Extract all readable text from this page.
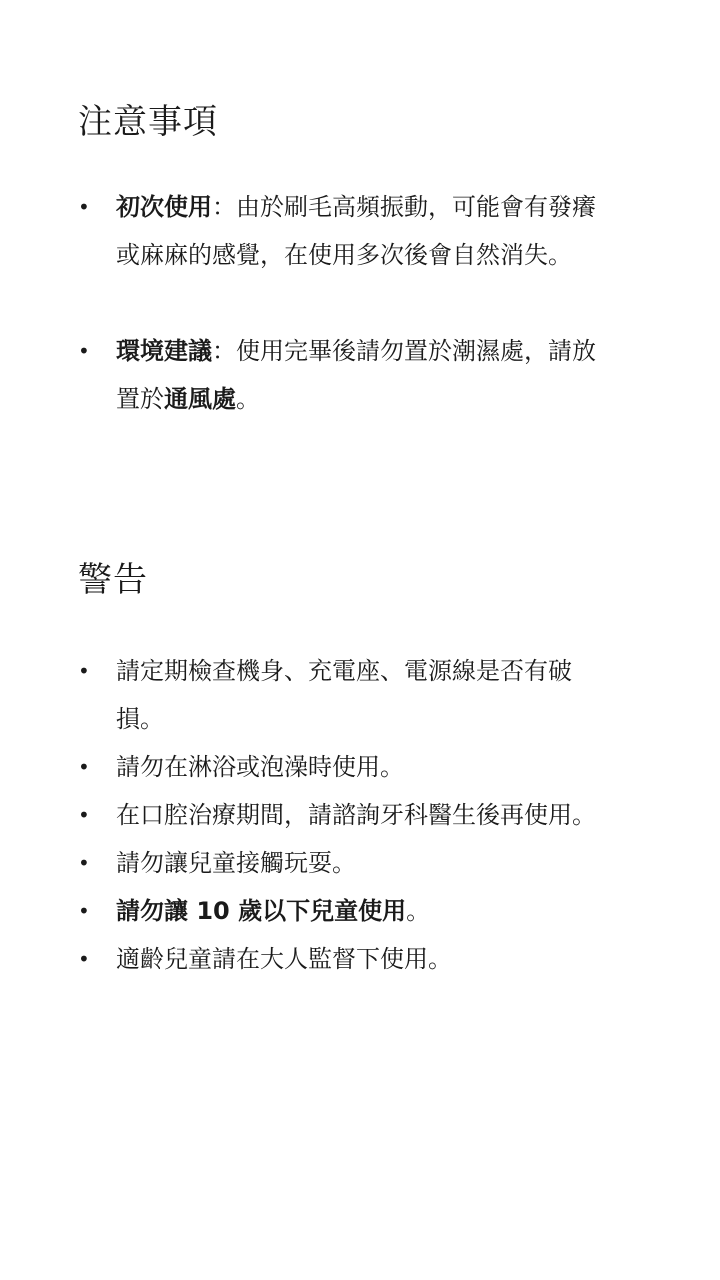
注意事項
• 初次使用：由於刷毛高頻振動，可能會有發癢或麻麻的感覺，在使用多次後會自然消失。
• 環境建議：使用完畢後請勿置於潮濕處，請放置於通風處。
警告
• 請定期檢查機身、充電座、電源線是否有破損。
• 請勿在淋浴或泡澡時使用。
• 在口腔治療期間，請諮詢牙科醫生後再使用。
• 請勿讓兒童接觸玩耍。
• 請勿讓 10 歲以下兒童使用。
• 適齡兒童請在大人監督下使用。
